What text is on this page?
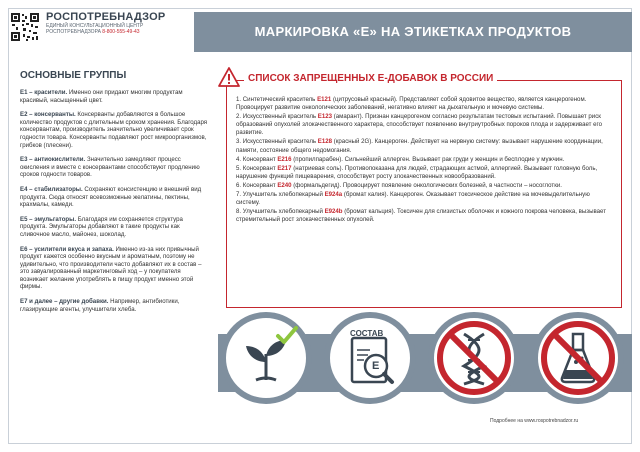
РОСПОТРЕБНАДЗОР
ЕДИНЫЙ КОНСУЛЬТАЦИОННЫЙ ЦЕНТР
РОСПОТРЕБНАДЗОРА 8-800-555-49-43	МАРКИРОВКА «Е» НА ЭТИКЕТКАХ ПРОДУКТОВ
ОСНОВНЫЕ ГРУППЫ
Е1 – красители. Именно они придают многим продуктам красивый, насыщенный цвет.
Е2 – консерванты. Консерванты добавляются в большое количество продуктов с длительным сроком хранения. Благодаря консервантам, производитель значительно увеличивает срок годности товара. Консерванты подавляют рост микроорганизмов, грибков (плесени).
Е3 – антиокислители. Значительно замедляют процесс окисления и вместе с консервантами способствуют продлению сроков годности товаров.
Е4 – стабилизаторы. Сохраняют консистенцию и внешний вид продукта. Сюда относят всевозможные желатины, пектины, крахмалы, камеди.
Е5 – эмульгаторы. Благодаря им сохраняется структура продукта. Эмульгаторы добавляют в такие продукты как сливочное масло, майонез, шоколад.
Е6 – усилители вкуса и запаха. Именно из-за них привычный продукт кажется особенно вкусным и ароматным, поэтому не удивительно, что производители часто добавляют их в состав – это завуалированный маркетинговый ход – у покупателя возникает желание употреблять в пищу продукт именно этой фирмы.
Е7 и далее – другие добавки. Например, антибиотики, глазирующие агенты, улучшители хлеба.
СПИСОК ЗАПРЕЩЕННЫХ Е-ДОБАВОК В РОССИИ
1. Синтетический краситель E121 (цитрусовый красный). Представляет собой ядовитое вещество, является канцерогеном. Провоцирует развитие онкологических заболеваний, негативно влияет на дыхательную и мочевую системы.
2. Искусственный краситель E123 (амарант). Признан канцерогеном согласно результатам тестовых испытаний. Повышает риск образований опухолей злокачественного характера, способствует появлению внутриутробных пороков плода и задерживает его развитие.
3. Искусственный краситель E128 (красный 2G). Канцероген. Действует на нервную систему: вызывает нарушение координации, памяти, состояние общего недомогания.
4. Консервант E216 (пропилпарабен). Сильнейший аллерген. Вызывает рак груди у женщин и бесплодие у мужчин.
5. Консервант E217 (натриевая соль). Противопоказана для людей, страдающих астмой, аллергией. Вызывает головную боль, нарушение функций пищеварения, способствует росту злокачественных новообразований.
6. Консервант E240 (формальдегид). Провоцирует появление онкологических болезней, в частности – носоглотки.
7. Улучшитель хлебопекарный E924a (бромат калия). Канцероген. Оказывает токсическое действие на мочевыделительную систему.
8. Улучшитель хлебопекарный E924b (бромат кальция). Токсичен для слизистых оболочек и кожного покрова человека, вызывает стремительный рост злокачественных опухолей.
СОСТАВ
E
Подробнее на www.rospotrebnadzor.ru
